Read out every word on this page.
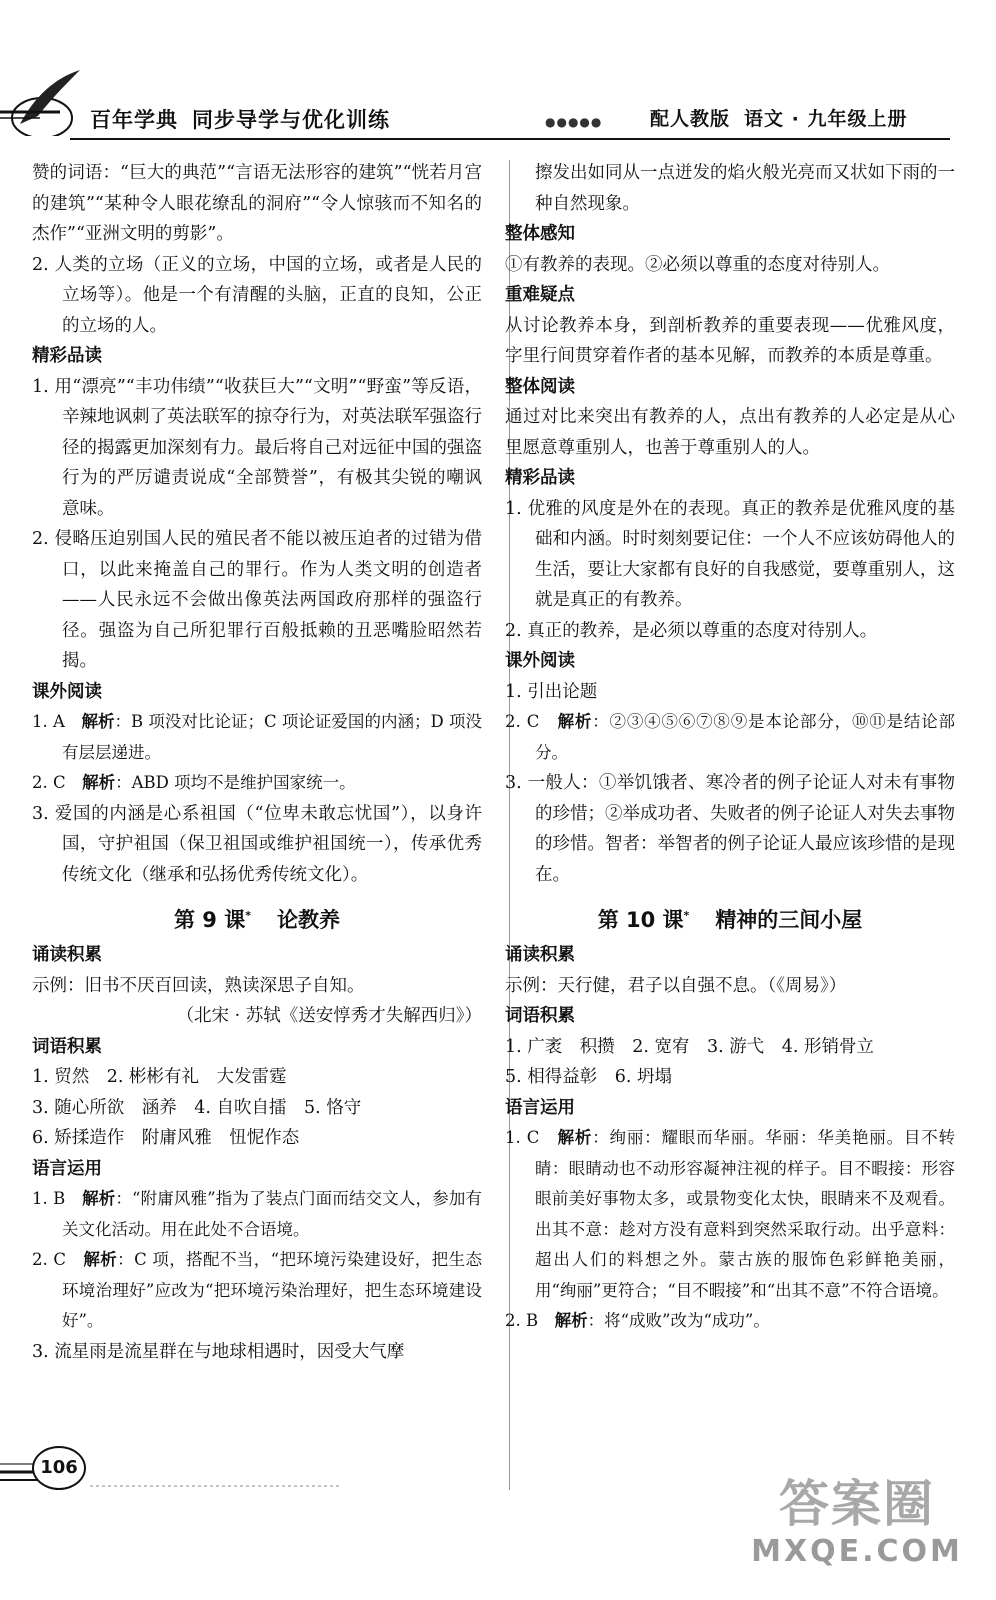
百年学典 同步导学与优化训练	●●●●●	配人教版 语文 · 九年级上册

赞的词语：“巨大的典范”“言语无法形容的建筑”“恍若月宫的建筑”“某种令人眼花缭乱的洞府”“令人惊骇而不知名的杰作”“亚洲文明的剪影”。

2. 人类的立场（正义的立场，中国的立场，或者是人民的立场等）。他是一个有清醒的头脑，正直的良知，公正的立场的人。

精彩品读

1. 用“漂亮”“丰功伟绩”“收获巨大”“文明”“野蛮”等反语，辛辣地讽刺了英法联军的掠夺行为，对英法联军强盗行径的揭露更加深刻有力。最后将自己对远征中国的强盗行为的严厉谴责说成“全部赞誉”，有极其尖锐的嘲讽意味。

2. 侵略压迫别国人民的殖民者不能以被压迫者的过错为借口，以此来掩盖自己的罪行。作为人类文明的创造者——人民永远不会做出像英法两国政府那样的强盗行径。强盗为自己所犯罪行百般抵赖的丑恶嘴脸昭然若揭。

课外阅读

1. A　 解析：B 项没对比论证；C 项论证爱国的内涵；D 项没有层层递进。

2. C　 解析：ABD 项均不是维护国家统一。

3. 爱国的内涵是心系祖国（“位卑未敢忘忧国”），以身许国，守护祖国（保卫祖国或维护祖国统一），传承优秀传统文化（继承和弘扬优秀传统文化）。

第 9 课* 论教养

诵读积累

示例：旧书不厌百回读，熟读深思子自知。

（北宋 · 苏轼《送安惇秀才失解西归》）

词语积累

1. 贸然　2. 彬彬有礼　大发雷霆

3. 随心所欲　涵养　4. 自吹自擂　5. 恪守

6. 矫揉造作　附庸风雅　忸怩作态

语言运用

1. B　 解析：“附庸风雅”指为了装点门面而结交文人，参加有关文化活动。用在此处不合语境。

2. C　 解析：C 项，搭配不当，“把环境污染建设好，把生态环境治理好”应改为“把环境污染治理好，把生态环境建设好”。

3. 流星雨是流星群在与地球相遇时，因受大气摩

擦发出如同从一点迸发的焰火般光亮而又状如下雨的一种自然现象。

整体感知

①有教养的表现。②必须以尊重的态度对待别人。

重难疑点

从讨论教养本身，到剖析教养的重要表现——优雅风度，字里行间贯穿着作者的基本见解，而教养的本质是尊重。

整体阅读

通过对比来突出有教养的人，点出有教养的人必定是从心里愿意尊重别人，也善于尊重别人的人。

精彩品读

1. 优雅的风度是外在的表现。真正的教养是优雅风度的基础和内涵。时时刻刻要记住：一个人不应该妨碍他人的生活，要让大家都有良好的自我感觉，要尊重别人，这就是真正的有教养。

2. 真正的教养，是必须以尊重的态度对待别人。

课外阅读

1. 引出论题

2. C　 解析：②③④⑤⑥⑦⑧⑨是本论部分，⑩⑪是结论部分。

3. 一般人：①举饥饿者、寒冷者的例子论证人对未有事物的珍惜；②举成功者、失败者的例子论证人对失去事物的珍惜。智者：举智者的例子论证人最应该珍惜的是现在。

第 10 课* 精神的三间小屋

诵读积累

示例：天行健，君子以自强不息。（《周易》）

词语积累

1. 广袤　积攒　2. 宽宥　3. 游弋　4. 形销骨立

5. 相得益彰　6. 坍塌

语言运用

1. C　 解析：绚丽：耀眼而华丽。华丽：华美艳丽。目不转睛：眼睛动也不动形容凝神注视的样子。目不暇接：形容眼前美好事物太多，或景物变化太快，眼睛来不及观看。出其不意：趁对方没有意料到突然采取行动。出乎意料：超出人们的料想之外。蒙古族的服饰色彩鲜艳美丽，用“绚丽”更符合；“目不暇接”和“出其不意”不符合语境。

2. B　 解析：将“成败”改为“成功”。

106
答案圈
MXQE.COM
